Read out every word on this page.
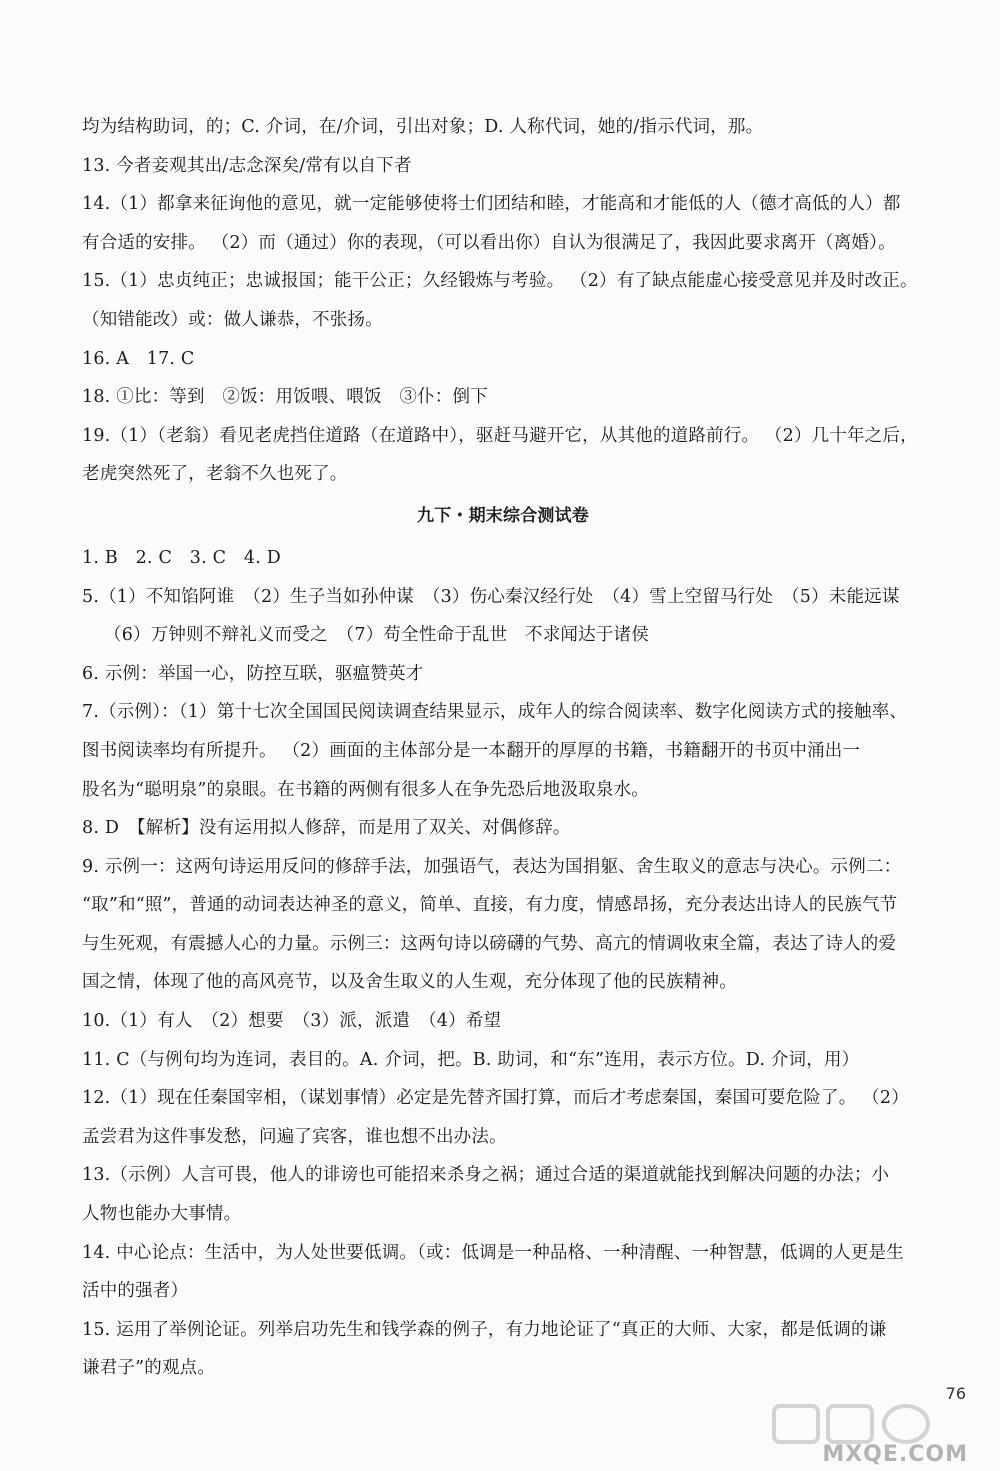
均为结构助词，的；C. 介词，在/介词，引出对象；D. 人称代词，她的/指示代词，那。
13. 今者妾观其出/志念深矣/常有以自下者
14.（1）都拿来征询他的意见，就一定能够使将士们团结和睦，才能高和才能低的人（德才高低的人）都
有合适的安排。 （2）而（通过）你的表现，（可以看出你）自认为很满足了，我因此要求离开（离婚）。
15.（1）忠贞纯正；忠诚报国；能干公正；久经锻炼与考验。 （2）有了缺点能虚心接受意见并及时改正。
（知错能改）或：做人谦恭，不张扬。
16. A　17. C
18. ①比：等到　②饭：用饭喂、喂饭　③仆：倒下
19.（1）（老翁）看见老虎挡住道路（在道路中），驱赶马避开它，从其他的道路前行。 （2）几十年之后，
老虎突然死了，老翁不久也死了。
九下・期末综合测试卷
1. B　2. C　3. C　4. D
5.（1）不知馅阿谁　（2）生子当如孙仲谋　（3）伤心秦汉经行处　（4）雪上空留马行处　（5）未能远谋
（6）万钟则不辩礼义而受之　（7）苟全性命于乱世　不求闻达于诸侯
6. 示例：举国一心，防控互联，驱瘟赞英才
7.（示例）：（1）第十七次全国国民阅读调查结果显示，成年人的综合阅读率、数字化阅读方式的接触率、
图书阅读率均有所提升。 （2）画面的主体部分是一本翻开的厚厚的书籍，书籍翻开的书页中涌出一
股名为“聪明泉”的泉眼。在书籍的两侧有很多人在争先恐后地汲取泉水。
8. D　【解析】没有运用拟人修辞，而是用了双关、对偶修辞。
9. 示例一：这两句诗运用反问的修辞手法，加强语气，表达为国捐躯、舍生取义的意志与决心。示例二：
“取”和“照”，普通的动词表达神圣的意义，简单、直接，有力度，情感昂扬，充分表达出诗人的民族气节
与生死观，有震撼人心的力量。示例三：这两句诗以磅礴的气势、高亢的情调收束全篇，表达了诗人的爱
国之情，体现了他的高风亮节，以及舍生取义的人生观，充分体现了他的民族精神。
10.（1）有人　（2）想要　（3）派，派遣　（4）希望
11. C（与例句均为连词，表目的。A. 介词，把。B. 助词，和“东”连用，表示方位。D. 介词，用）
12.（1）现在任秦国宰相，（谋划事情）必定是先替齐国打算，而后才考虑秦国，秦国可要危险了。 （2）
孟尝君为这件事发愁，问遍了宾客，谁也想不出办法。
13.（示例）人言可畏，他人的诽谤也可能招来杀身之祸；通过合适的渠道就能找到解决问题的办法；小
人物也能办大事情。
14. 中心论点：生活中，为人处世要低调。（或：低调是一种品格、一种清醒、一种智慧，低调的人更是生
活中的强者）
15. 运用了举例论证。列举启功先生和钱学森的例子，有力地论证了“真正的大师、大家，都是低调的谦
谦君子”的观点。
76
MXQE.COM
